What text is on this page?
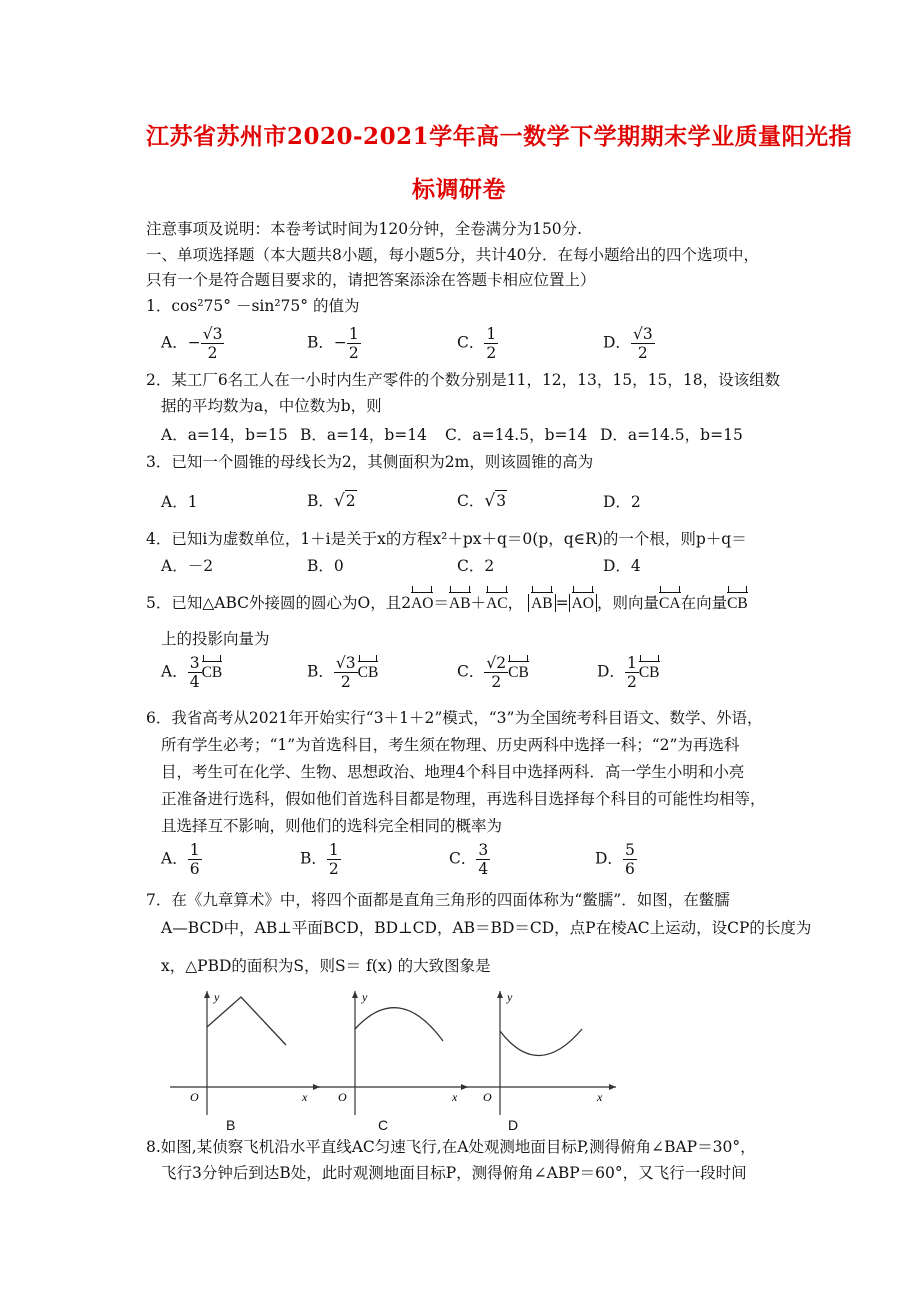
江苏省苏州市2020-2021学年高一数学下学期期末学业质量阳光指
标调研卷
注意事项及说明：本卷考试时间为120分钟，全卷满分为150分.
一、单项选择题（本大题共8小题，每小题5分，共计40分．在每小题给出的四个选项中，
只有一个是符合题目要求的，请把答案添涂在答题卡相应位置上）
1．cos²75° －sin²75° 的值为
A．− $\frac{√3}{2}$	B．− $\frac{1}{2}$	C． $\frac{1}{2}$	D． $\frac{√3}{2}$
2．某工厂6名工人在一小时内生产零件的个数分别是11，12，13，15，15，18，设该组数
据的平均数为a，中位数为b，则
A．a=14，b=15 B．a=14，b=14 C．a=14.5，b=14 D．a=14.5，b=15
3．已知一个圆锥的母线长为2，其侧面积为2m，则该圆锥的高为
A．1	B．√2	C．√3	D．2
4．已知i为虚数单位，1＋i是关于x的方程x²＋px＋q＝0(p，q∈R)的一个根，则p＋q＝
A．－2	B．0	C．2	D．4
5．已知△ABC外接圆的圆心为O，且2
AO＝
AB＋
AC， AB = AO ，则向量
CA在向量
CB
上的投影向量为
A． $\frac{3}{4}$ CB	B． $\frac{√3}{2}$ CB	C． $\frac{√2}{2}$ CB	D． $\frac{1}{2}$ CB
6．我省高考从2021年开始实行“3＋1＋2”模式，“3”为全国统考科目语文、数学、外语，
所有学生必考；“1”为首选科目，考生须在物理、历史两科中选择一科；“2”为再选科
目，考生可在化学、生物、思想政治、地理4个科目中选择两科．高一学生小明和小亮
正准备进行选科，假如他们首选科目都是物理，再选科目选择每个科目的可能性均相等，
且选择互不影响，则他们的选科完全相同的概率为
A． $\frac{1}{6}$	B． $\frac{1}{2}$	C． $\frac{3}{4}$	D． $\frac{5}{6}$
7．在《九章算术》中，将四个面都是直角三角形的四面体称为“鳖臑”．如图，在鳖臑
A—BCD中，AB⊥平面BCD，BD⊥CD，AB＝BD＝CD，点P在棱AC上运动，设CP的长度为
x，△PBD的面积为S，则S＝ f(x) 的大致图象是
y
x
O
B
y
x
O
C
y
x
O
D
8.如图,某侦察飞机沿水平直线AC匀速飞行,在A处观测地面目标P,测得俯角∠BAP＝30°，
飞行3分钟后到达B处，此时观测地面目标P，测得俯角∠ABP＝60°，又飞行一段时间
